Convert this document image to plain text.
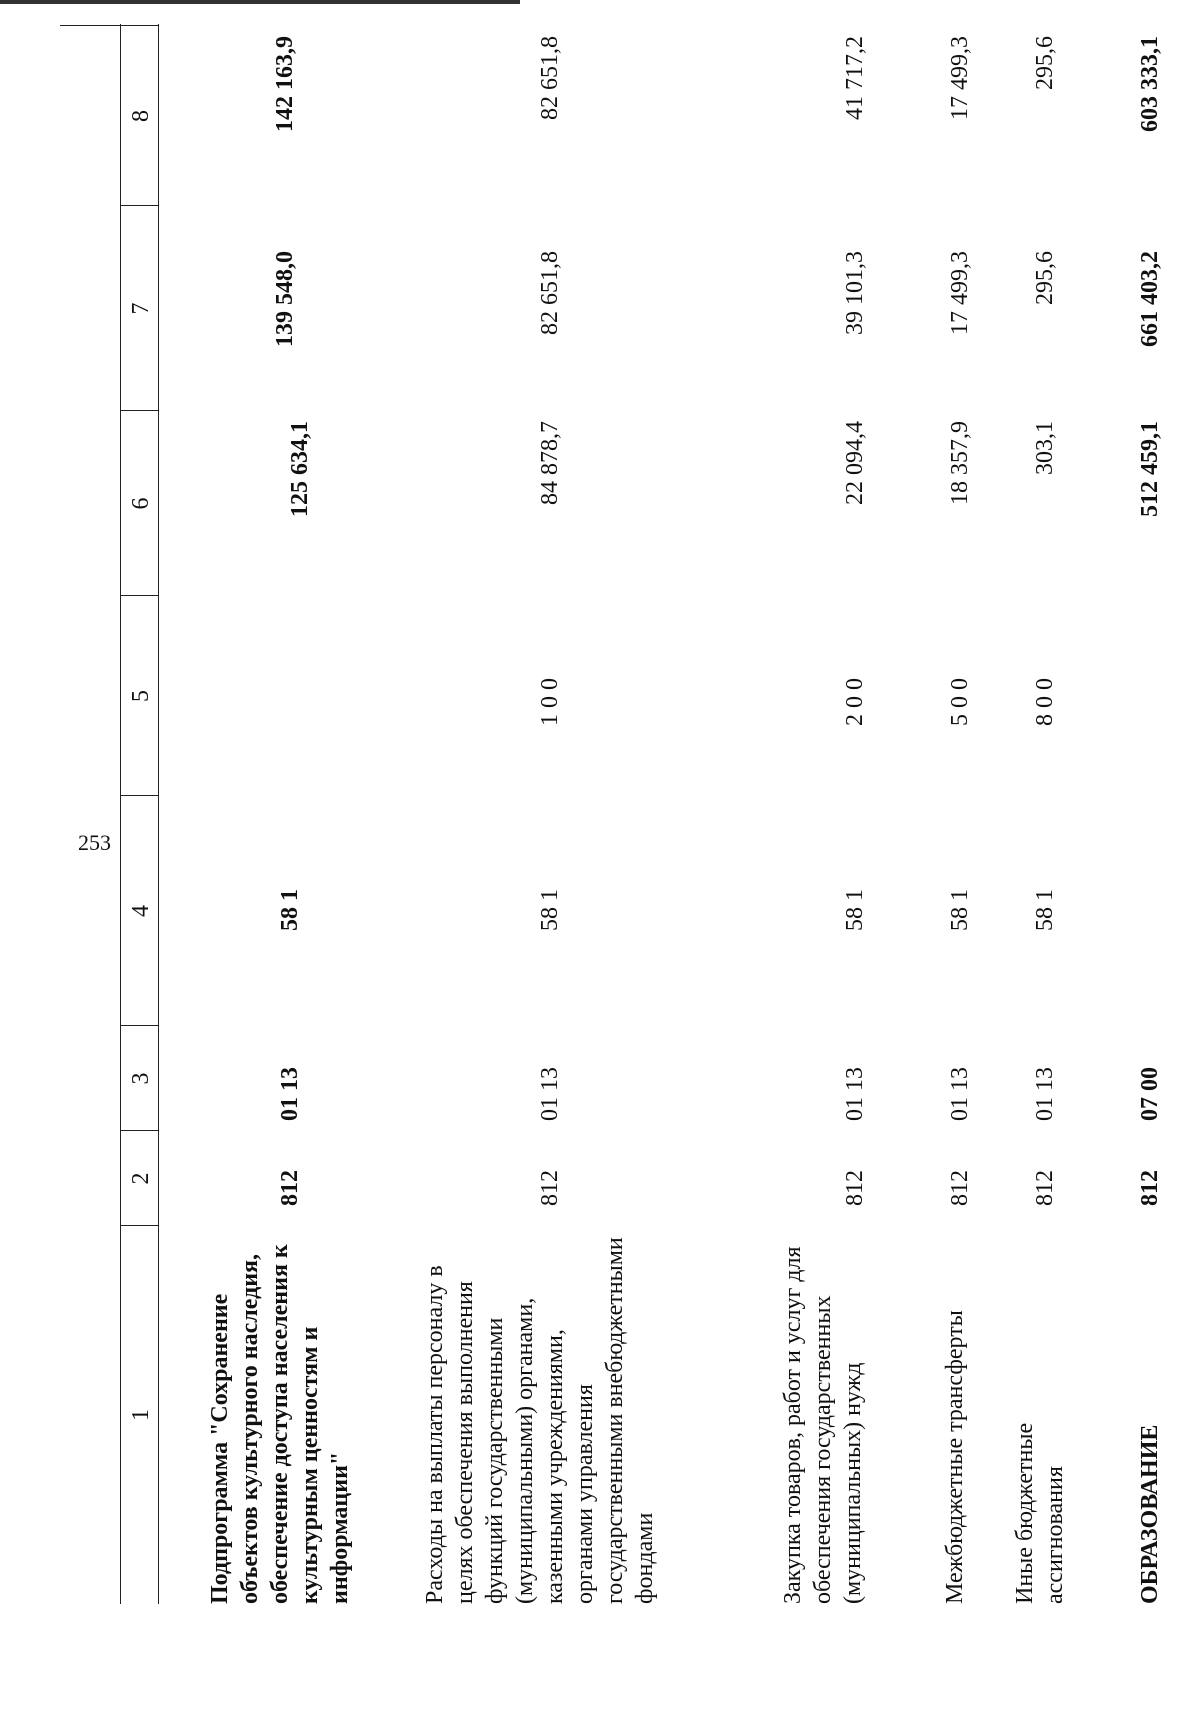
253
1
2
3
4
5
6
7
8
Подпрограмма "Сохранение объектов культурного наследия, обеспечение доступа населения к культурным ценностям и информации"
812
01 13
58 1
125 634,1
139 548,0
142 163,9
Расходы на выплаты персоналу в целях обеспечения выполнения функций государственными (муниципальными) органами, казенными учреждениями, органами управления государственными внебюджетными фондами
812
01 13
58 1
1 0 0
84 878,7
82 651,8
82 651,8
Закупка товаров, работ и услуг для обеспечения государственных (муниципальных) нужд
812
01 13
58 1
2 0 0
22 094,4
39 101,3
41 717,2
Межбюджетные трансферты
812
01 13
58 1
5 0 0
18 357,9
17 499,3
17 499,3
Иные бюджетные ассигнования
812
01 13
58 1
8 0 0
303,1
295,6
295,6
ОБРАЗОВАНИЕ
812
07 00
512 459,1
661 403,2
603 333,1
